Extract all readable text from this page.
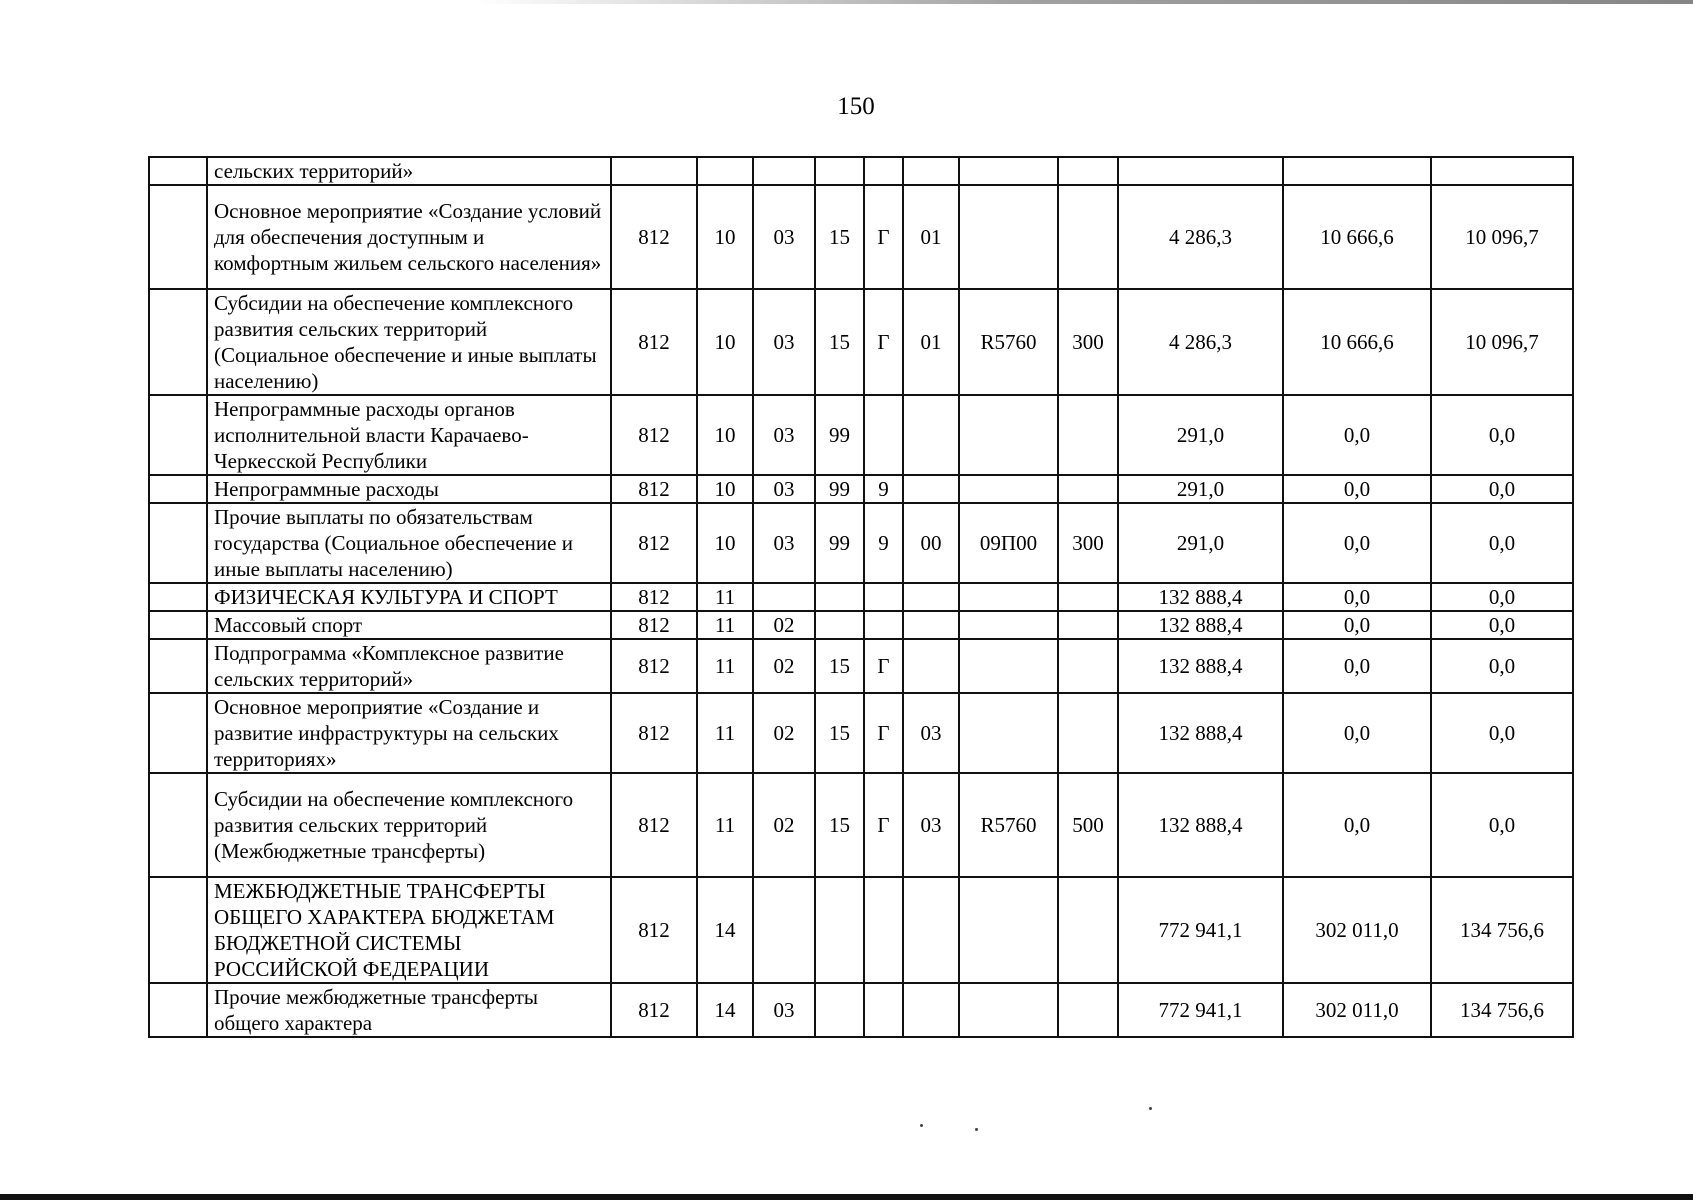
150
	сельских территорий»											
	Основное мероприятие «Создание условий для обеспечения доступным и комфортным жильем сельского населения»	812	10	03	15	Г	01			4 286,3	10 666,6	10 096,7
	Субсидии на обеспечение комплексного развития сельских территорий (Социальное обеспечение и иные выплаты населению)	812	10	03	15	Г	01	R5760	300	4 286,3	10 666,6	10 096,7
	Непрограммные расходы органов исполнительной власти Карачаево-Черкесской Республики	812	10	03	99					291,0	0,0	0,0
	Непрограммные расходы	812	10	03	99	9				291,0	0,0	0,0
	Прочие выплаты по обязательствам государства (Социальное обеспечение и иные выплаты населению)	812	10	03	99	9	00	09П00	300	291,0	0,0	0,0
	ФИЗИЧЕСКАЯ КУЛЬТУРА И СПОРТ	812	11							132 888,4	0,0	0,0
	Массовый спорт	812	11	02						132 888,4	0,0	0,0
	Подпрограмма «Комплексное развитие сельских территорий»	812	11	02	15	Г				132 888,4	0,0	0,0
	Основное мероприятие «Создание и развитие инфраструктуры на сельских территориях»	812	11	02	15	Г	03			132 888,4	0,0	0,0
	Субсидии на обеспечение комплексного развития сельских территорий (Межбюджетные трансферты)	812	11	02	15	Г	03	R5760	500	132 888,4	0,0	0,0
	МЕЖБЮДЖЕТНЫЕ ТРАНСФЕРТЫ ОБЩЕГО ХАРАКТЕРА БЮДЖЕТАМ БЮДЖЕТНОЙ СИСТЕМЫ РОССИЙСКОЙ ФЕДЕРАЦИИ	812	14							772 941,1	302 011,0	134 756,6
	Прочие межбюджетные трансферты общего характера	812	14	03						772 941,1	302 011,0	134 756,6
